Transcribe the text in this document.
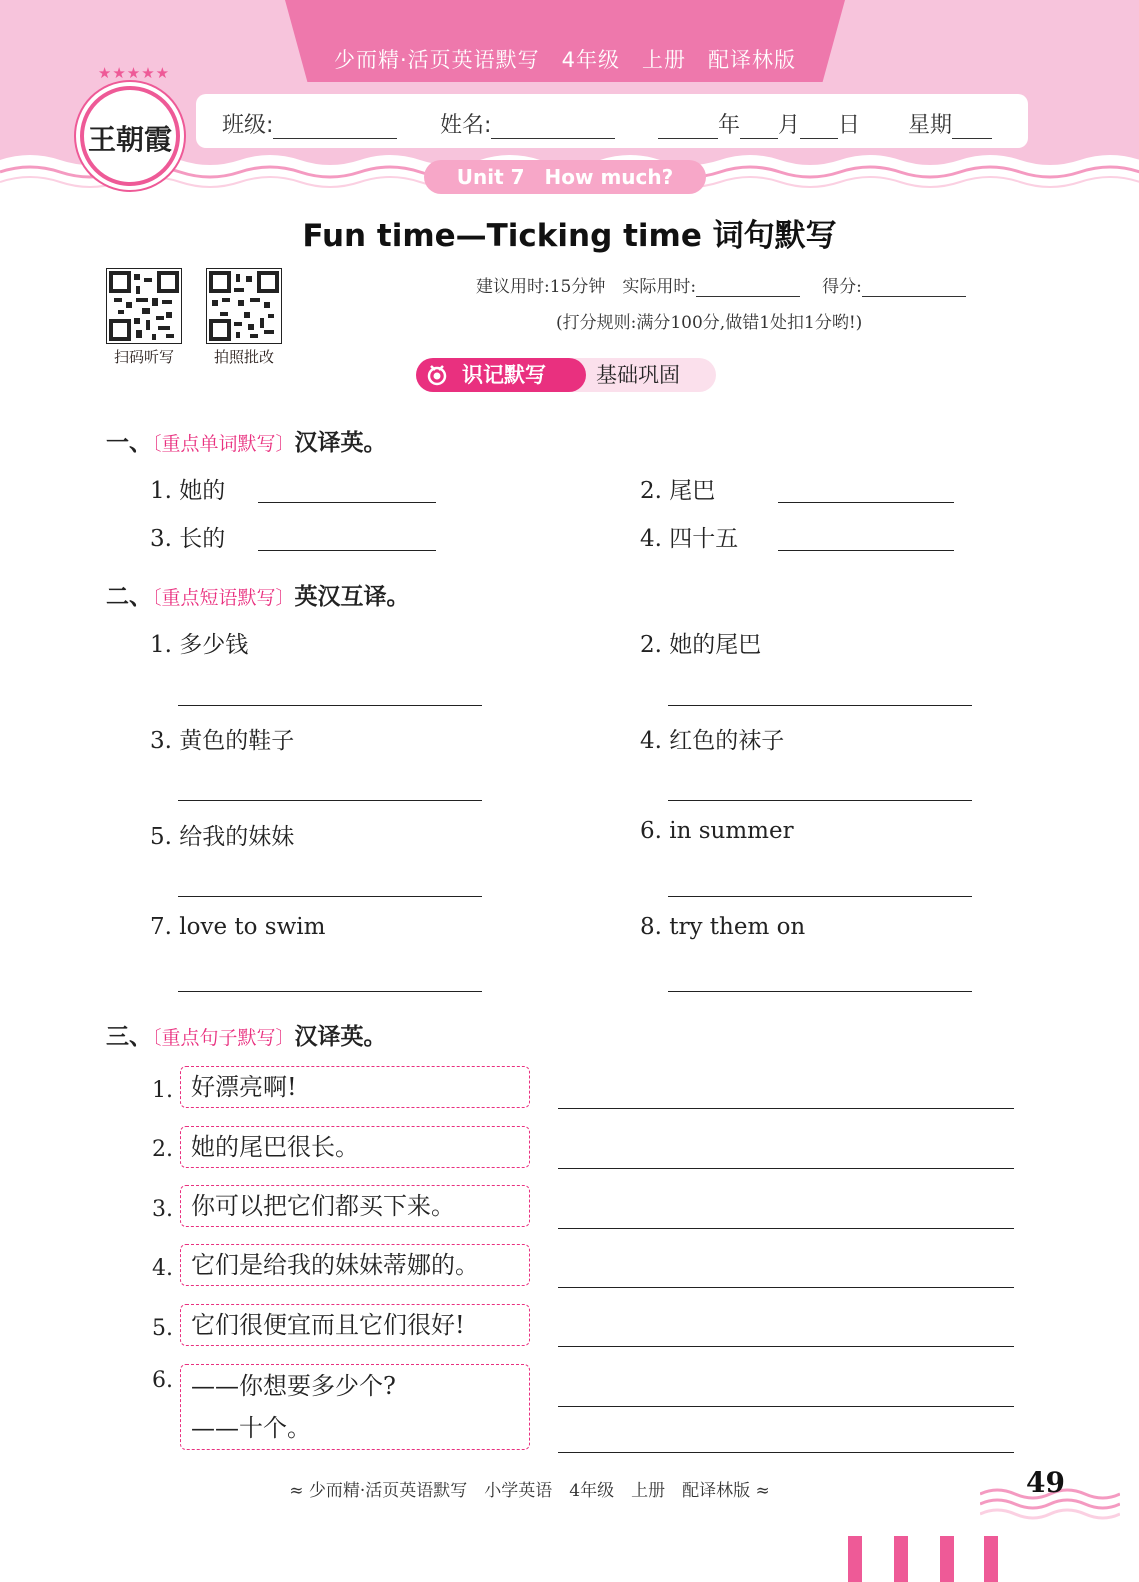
少而精·活页英语默写　4年级　上册　配译林版
班级:	姓名:	年 月 日 星期
★★★★★
王朝霞
Unit 7　How much?
Fun time—Ticking time 词句默写
扫码听写	拍照批改
建议用时:15分钟　实际用时:	得分:
(打分规则:满分100分,做错1处扣1分哟!)
识记默写	基础巩固
一、〔重点单词默写〕汉译英。
1. 她的	2. 尾巴
3. 长的	4. 四十五
二、〔重点短语默写〕英汉互译。
1. 多少钱	2. 她的尾巴
3. 黄色的鞋子	4. 红色的袜子
5. 给我的妹妹	6. in summer
7. love to swim	8. try them on
三、〔重点句子默写〕汉译英。
1. 好漂亮啊!
2. 她的尾巴很长。
3. 你可以把它们都买下来。
4. 它们是给我的妹妹蒂娜的。
5. 它们很便宜而且它们很好!
6. ——你想要多少个?
——十个。
≈ 少而精·活页英语默写　小学英语　4年级　上册　配译林版 ≈	49
